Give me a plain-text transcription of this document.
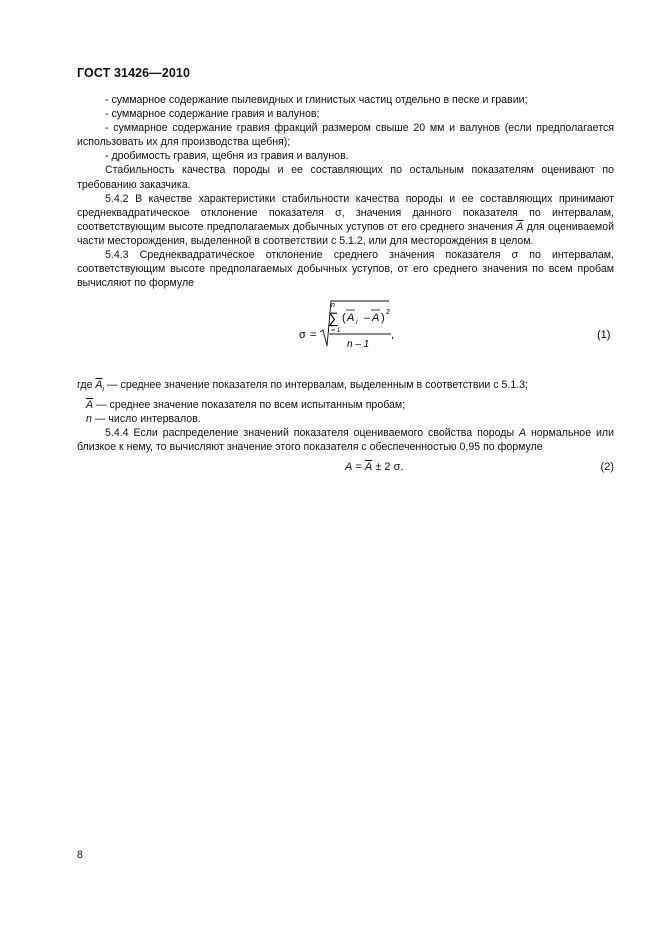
ГОСТ 31426—2010

- суммарное содержание пылевидных и глинистых частиц отдельно в песке и гравии;

- суммарное содержание гравия и валунов;

- суммарное содержание гравия фракций размером свыше 20 мм и валунов (если предполагается использовать их для производства щебня);

- дробимость гравия, щебня из гравия и валунов.

Стабильность качества породы и ее составляющих по остальным показателям оценивают по требованию заказчика.

5.4.2 В качестве характеристики стабильности качества породы и ее составляющих принимают среднеквадратическое отклонение показателя σ, значения данного показателя по интервалам, соответствующим высоте предполагаемых добычных уступов от его среднего значения $\overline{A}$ для оцениваемой части месторождения, выделенной в соответствии с 5.1.2, или для месторождения в целом.

5.4.3 Среднеквадратическое отклонение среднего значения показателя σ по интервалам, соответствующим высоте предполагаемых добычных уступов, от его среднего значения по всем пробам вычисляют по формуле

σ =
n
∑
i = 1
( A i – A ) 2
n – 1
,	(1)

где $\overline{A}_i$ — среднее значение показателя по интервалам, выделенным в соответствии с 5.1.3;

$\overline{A}$ — среднее значение показателя по всем испытанным пробам;

n — число интервалов.

5.4.4 Если распределение значений показателя оцениваемого свойства породы A нормальное или близкое к нему, то вычисляют значение этого показателя с обеспеченностью 0,95 по формуле

$A = \overline{A} \pm 2$ σ.	(2)
8
